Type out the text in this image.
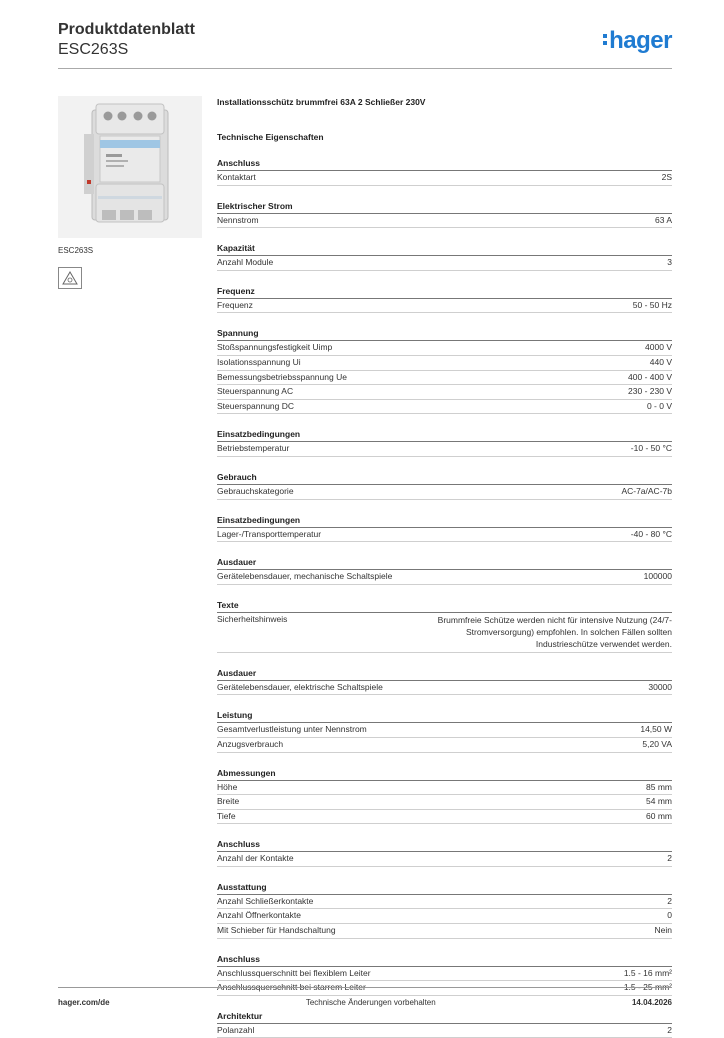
Produktdatenblatt
ESC263S	hager
ESC263S
Installationsschütz brummfrei 63A 2 Schließer 230V
Technische Eigenschaften
Anschluss
Kontaktart	2S
Elektrischer Strom
Nennstrom	63 A
Kapazität
Anzahl Module	3
Frequenz
Frequenz	50 - 50 Hz
Spannung
Stoßspannungsfestigkeit Uimp	4000 V
Isolationsspannung Ui	440 V
Bemessungsbetriebsspannung Ue	400 - 400 V
Steuerspannung AC	230 - 230 V
Steuerspannung DC	0 - 0 V
Einsatzbedingungen
Betriebstemperatur	-10 - 50 °C
Gebrauch
Gebrauchskategorie	AC-7a/AC-7b
Einsatzbedingungen
Lager-/Transporttemperatur	-40 - 80 °C
Ausdauer
Gerätelebensdauer, mechanische Schaltspiele	100000
Texte
Sicherheitshinweis	Brummfreie Schütze werden nicht für intensive Nutzung (24/7-Stromversorgung) empfohlen. In solchen Fällen sollten Industrieschütze verwendet werden.
Ausdauer
Gerätelebensdauer, elektrische Schaltspiele	30000
Leistung
Gesamtverlustleistung unter Nennstrom	14,50 W
Anzugsverbrauch	5,20 VA
Abmessungen
Höhe	85 mm
Breite	54 mm
Tiefe	60 mm
Anschluss
Anzahl der Kontakte	2
Ausstattung
Anzahl Schließerkontakte	2
Anzahl Öffnerkontakte	0
Mit Schieber für Handschaltung	Nein
Anschluss
Anschlussquerschnitt bei flexiblem Leiter	1.5 - 16 mm²
Anschlussquerschnitt bei starrem Leiter	1.5 - 25 mm²
Architektur
Polanzahl	2
hager.com/de	Technische Änderungen vorbehalten	14.04.2026
